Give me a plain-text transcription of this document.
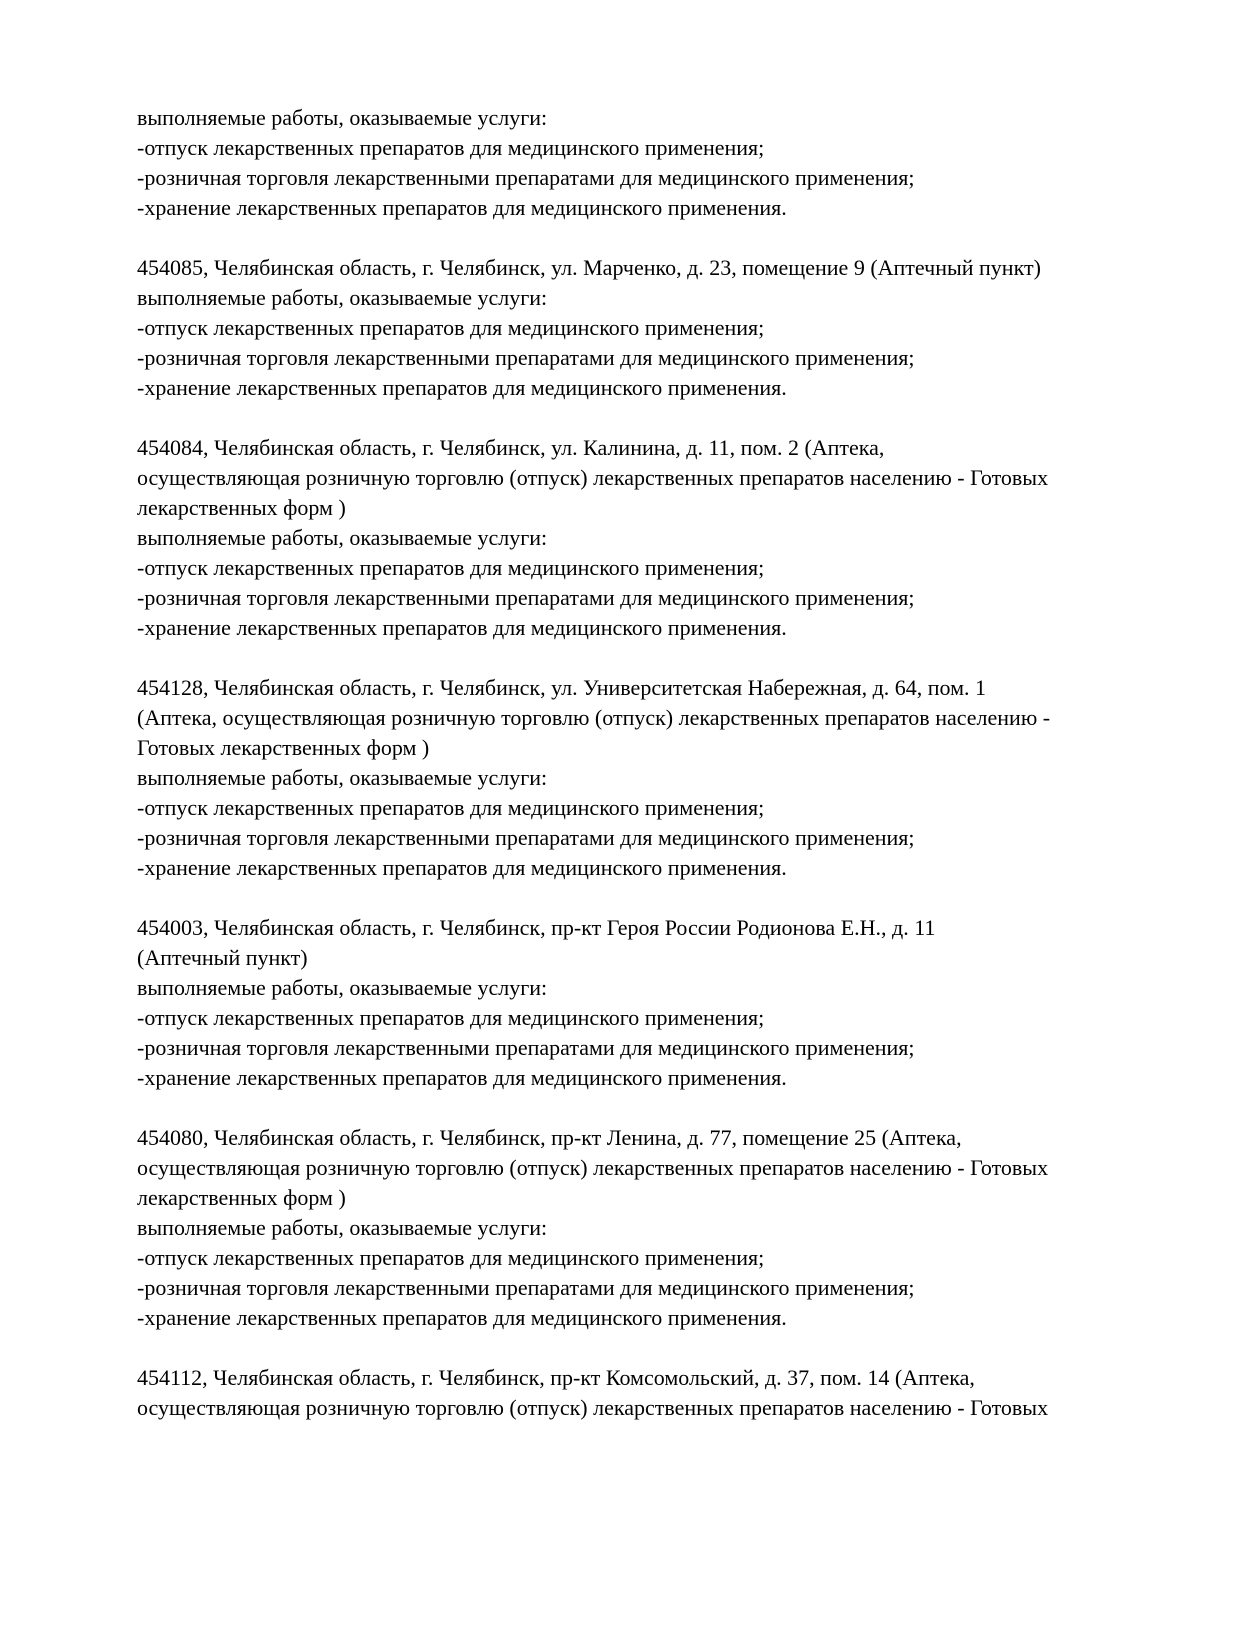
выполняемые работы, оказываемые услуги:
-отпуск лекарственных препаратов для медицинского применения;
-розничная торговля лекарственными препаратами для медицинского применения;
-хранение лекарственных препаратов для медицинского применения.
454085, Челябинская область, г. Челябинск, ул. Марченко, д. 23, помещение 9 (Аптечный пункт)
выполняемые работы, оказываемые услуги:
-отпуск лекарственных препаратов для медицинского применения;
-розничная торговля лекарственными препаратами для медицинского применения;
-хранение лекарственных препаратов для медицинского применения.
454084, Челябинская область, г. Челябинск, ул. Калинина, д. 11, пом. 2 (Аптека,
осуществляющая розничную торговлю (отпуск) лекарственных препаратов населению - Готовых
лекарственных форм )
выполняемые работы, оказываемые услуги:
-отпуск лекарственных препаратов для медицинского применения;
-розничная торговля лекарственными препаратами для медицинского применения;
-хранение лекарственных препаратов для медицинского применения.
454128, Челябинская область, г. Челябинск, ул. Университетская Набережная, д. 64, пом. 1
(Аптека, осуществляющая розничную торговлю (отпуск) лекарственных препаратов населению -
Готовых лекарственных форм )
выполняемые работы, оказываемые услуги:
-отпуск лекарственных препаратов для медицинского применения;
-розничная торговля лекарственными препаратами для медицинского применения;
-хранение лекарственных препаратов для медицинского применения.
454003, Челябинская область, г. Челябинск, пр-кт Героя России Родионова Е.Н., д. 11
(Аптечный пункт)
выполняемые работы, оказываемые услуги:
-отпуск лекарственных препаратов для медицинского применения;
-розничная торговля лекарственными препаратами для медицинского применения;
-хранение лекарственных препаратов для медицинского применения.
454080, Челябинская область, г. Челябинск, пр-кт Ленина, д. 77, помещение 25 (Аптека,
осуществляющая розничную торговлю (отпуск) лекарственных препаратов населению - Готовых
лекарственных форм )
выполняемые работы, оказываемые услуги:
-отпуск лекарственных препаратов для медицинского применения;
-розничная торговля лекарственными препаратами для медицинского применения;
-хранение лекарственных препаратов для медицинского применения.
454112, Челябинская область, г. Челябинск, пр-кт Комсомольский, д. 37, пом. 14 (Аптека,
осуществляющая розничную торговлю (отпуск) лекарственных препаратов населению - Готовых
